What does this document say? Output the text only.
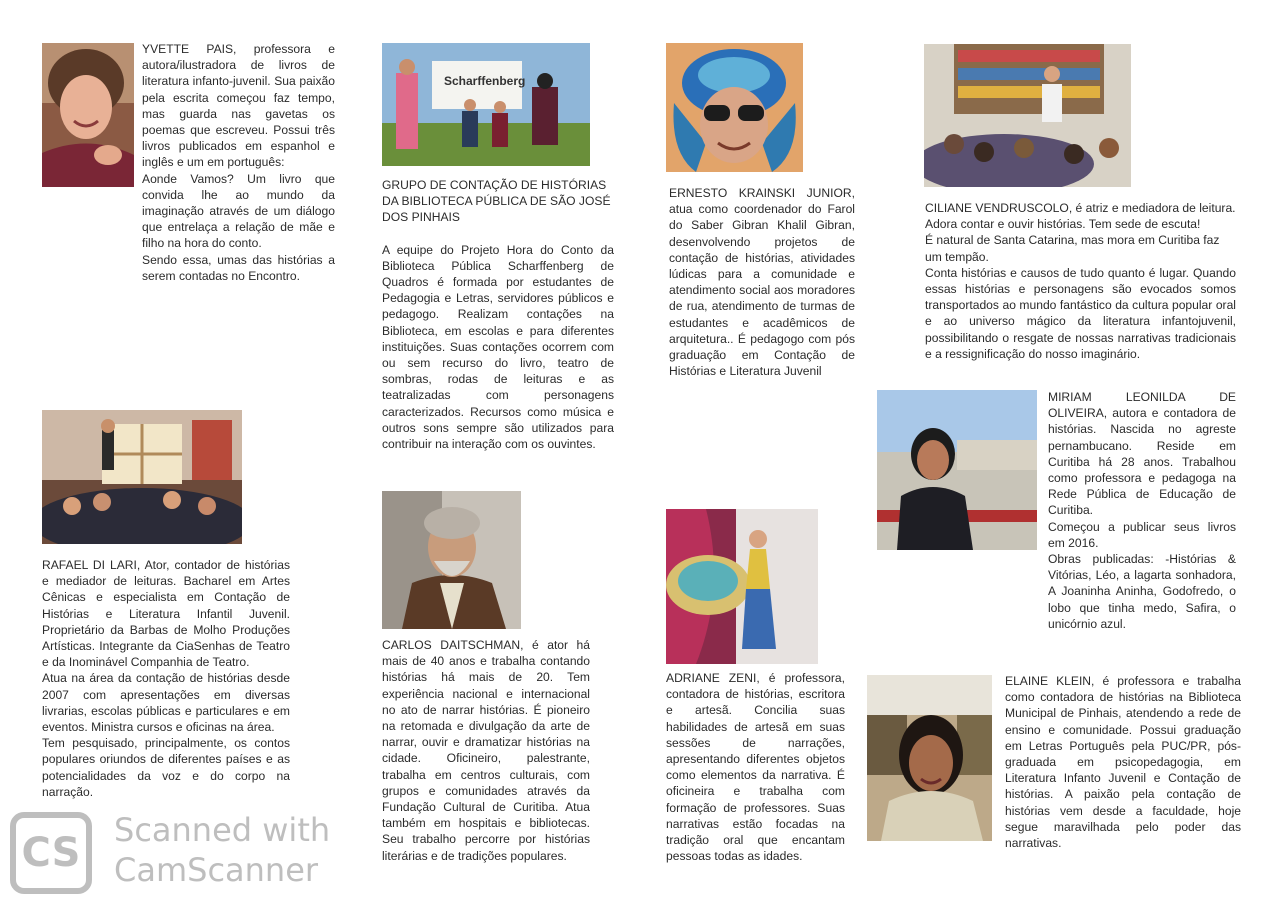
YVETTE PAIS, professora e autora/ilustradora de livros de literatura infanto-juvenil. Sua paixão pela escrita começou faz tempo, mas guarda nas gavetas os poemas que escreveu. Possui três livros publicados em espanhol e inglês e um em português:

Aonde Vamos? Um livro que convida lhe ao mundo da imaginação através de um diálogo que entrelaça a relação de mãe e filho na hora do conto.

Sendo essa, umas das histórias a serem contadas no Encontro.

RAFAEL DI LARI, Ator, contador de histórias e mediador de leituras. Bacharel em Artes Cênicas e especialista em Contação de Histórias e Literatura Infantil Juvenil. Proprietário da Barbas de Molho Produções Artísticas. Integrante da CiaSenhas de Teatro e da Inominável Companhia de Teatro.

Atua na área da contação de histórias desde 2007 com apresentações em diversas livrarias, escolas públicas e particulares e em eventos. Ministra cursos e oficinas na área.

Tem pesquisado, principalmente, os contos populares oriundos de diferentes países e as potencialidades da voz e do corpo na narração.

Scharffenberg

GRUPO DE CONTAÇÃO DE HISTÓRIAS DA BIBLIOTECA PÚBLICA DE SÃO JOSÉ DOS PINHAIS

A equipe do Projeto Hora do Conto da Biblioteca Pública Scharffenberg de Quadros é formada por estudantes de Pedagogia e Letras, servidores públicos e pedagogo. Realizam contações na Biblioteca, em escolas e para diferentes instituições. Suas contações ocorrem com ou sem recurso do livro, teatro de sombras, rodas de leituras e as teatralizadas com personagens caracterizados. Recursos como música e outros sons sempre são utilizados para contribuir na interação com os ouvintes.

CARLOS DAITSCHMAN, é ator há mais de 40 anos e trabalha contando histórias há mais de 20. Tem experiência nacional e internacional no ato de narrar histórias. É pioneiro na retomada e divulgação da arte de narrar, ouvir e dramatizar histórias na cidade. Oficineiro, palestrante, trabalha em centros culturais, com grupos e comunidades através da Fundação Cultural de Curitiba. Atua também em hospitais e bibliotecas. Seu trabalho percorre por histórias literárias e de tradições populares.

ERNESTO KRAINSKI JUNIOR, atua como coordenador do Farol do Saber Gibran Khalil Gibran, desenvolvendo projetos de contação de histórias, atividades lúdicas para a comunidade e atendimento social aos moradores de rua, atendimento de turmas de estudantes e acadêmicos de arquitetura.. É pedagogo com pós graduação em Contação de Histórias e Literatura Juvenil

ADRIANE ZENI, é professora, contadora de histórias, escritora e artesã. Concilia suas habilidades de artesã em suas sessões de narrações, apresentando diferentes objetos como elementos da narrativa. É oficineira e trabalha com formação de professores. Suas narrativas estão focadas na tradição oral que encantam pessoas todas as idades.

CILIANE VENDRUSCOLO, é atriz e mediadora de leitura. Adora contar e ouvir histórias. Tem sede de escuta!

É natural de Santa Catarina, mas mora em Curitiba faz um tempão.

Conta histórias e causos de tudo quanto é lugar. Quando essas histórias e personagens são evocados somos transportados ao mundo fantástico da cultura popular oral e ao universo mágico da literatura infantojuvenil, possibilitando o resgate de nossas narrativas tradicionais e a ressignificação do nosso imaginário.

MIRIAM LEONILDA DE OLIVEIRA, autora e contadora de histórias. Nascida no agreste pernambucano. Reside em Curitiba há 28 anos. Trabalhou como professora e pedagoga na Rede Pública de Educação de Curitiba.

Começou a publicar seus livros em 2016.

Obras publicadas: -Histórias & Vitórias, Léo, a lagarta sonhadora, A Joaninha Aninha, Godofredo, o lobo que tinha medo, Safira, o unicórnio azul.

ELAINE KLEIN, é professora e trabalha como contadora de histórias na Biblioteca Municipal de Pinhais, atendendo a rede de ensino e comunidade. Possui graduação em Letras Português pela PUC/PR, pós-graduada em psicopedagogia, em Literatura Infanto Juvenil e Contação de histórias. A paixão pela contação de histórias vem desde a faculdade, hoje segue maravilhada pelo poder das narrativas.

CS	Scanned with
CamScanner
